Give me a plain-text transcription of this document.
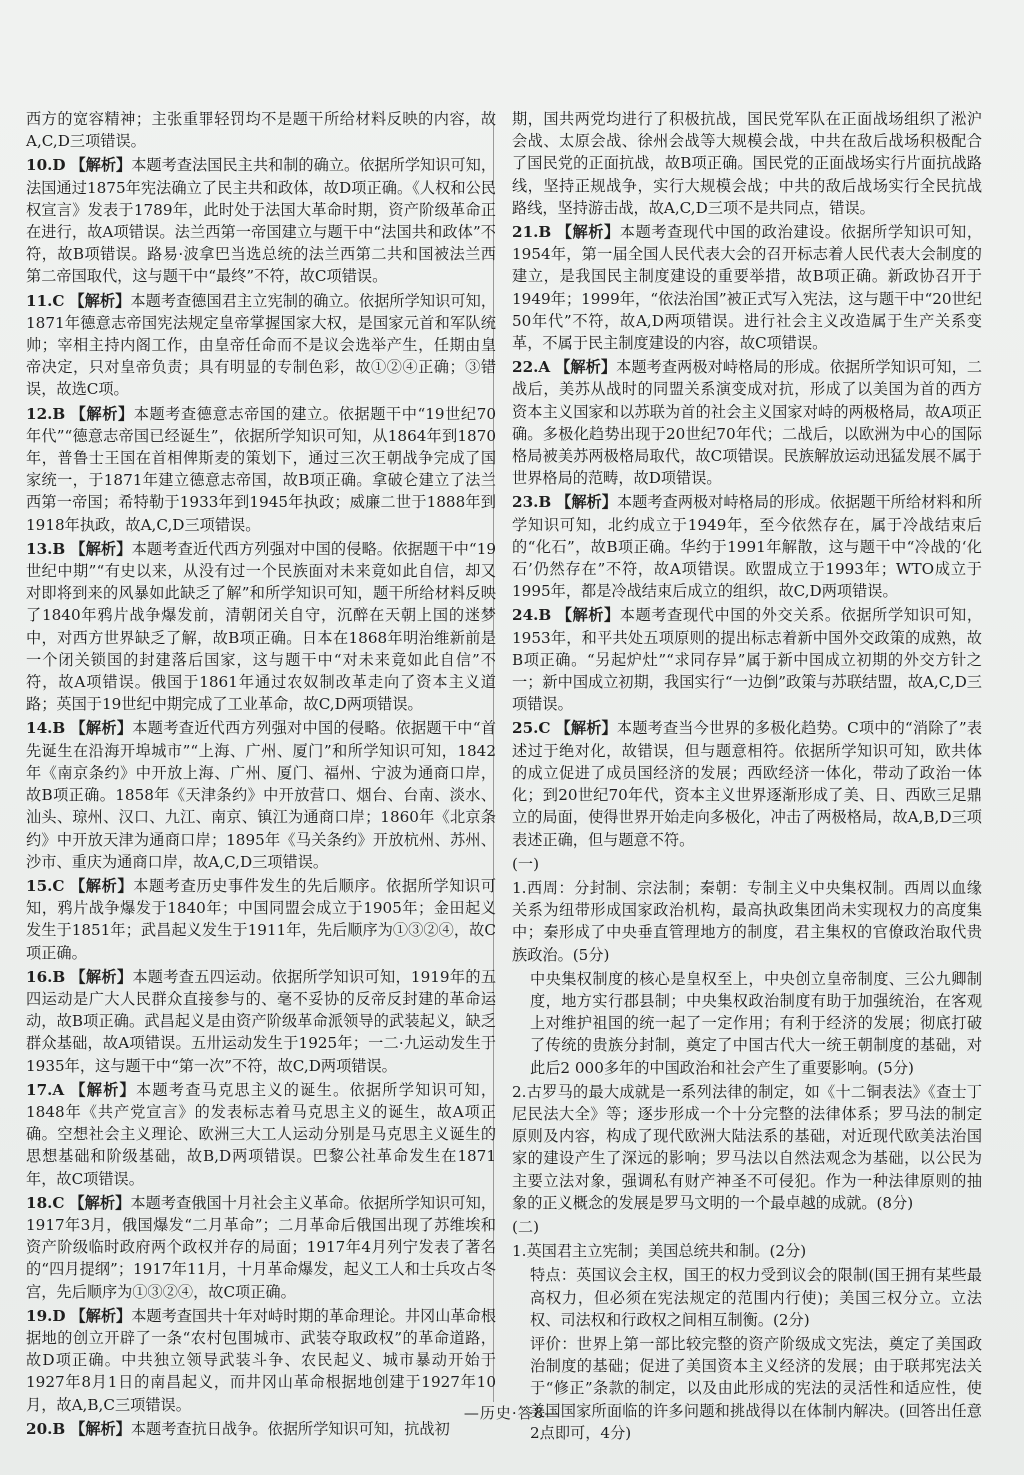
西方的宽容精神；主张重罪轻罚均不是题干所给材料反映的内容，故A,C,D三项错误。
10.D 【解析】本题考查法国民主共和制的确立。依据所学知识可知，法国通过1875年宪法确立了民主共和政体，故D项正确。《人权和公民权宣言》发表于1789年，此时处于法国大革命时期，资产阶级革命正在进行，故A项错误。法兰西第一帝国建立与题干中“法国共和政体”不符，故B项错误。路易·波拿巴当选总统的法兰西第二共和国被法兰西第二帝国取代，这与题干中“最终”不符，故C项错误。
11.C 【解析】本题考查德国君主立宪制的确立。依据所学知识可知，1871年德意志帝国宪法规定皇帝掌握国家大权，是国家元首和军队统帅；宰相主持内阁工作，由皇帝任命而不是议会选举产生，任期由皇帝决定，只对皇帝负责；具有明显的专制色彩，故①②④正确；③错误，故选C项。
12.B 【解析】本题考查德意志帝国的建立。依据题干中“19世纪70年代”“德意志帝国已经诞生”，依据所学知识可知，从1864年到1870年，普鲁士王国在首相俾斯麦的策划下，通过三次王朝战争完成了国家统一，于1871年建立德意志帝国，故B项正确。拿破仑建立了法兰西第一帝国；希特勒于1933年到1945年执政；威廉二世于1888年到1918年执政，故A,C,D三项错误。
13.B 【解析】本题考查近代西方列强对中国的侵略。依据题干中“19世纪中期”“有史以来，从没有过一个民族面对未来竟如此自信，却又对即将到来的风暴如此缺乏了解”和所学知识可知，题干所给材料反映了1840年鸦片战争爆发前，清朝闭关自守，沉醉在天朝上国的迷梦中，对西方世界缺乏了解，故B项正确。日本在1868年明治维新前是一个闭关锁国的封建落后国家，这与题干中“对未来竟如此自信”不符，故A项错误。俄国于1861年通过农奴制改革走向了资本主义道路；英国于19世纪中期完成了工业革命，故C,D两项错误。
14.B 【解析】本题考查近代西方列强对中国的侵略。依据题干中“首先诞生在沿海开埠城市”“上海、广州、厦门”和所学知识可知，1842年《南京条约》中开放上海、广州、厦门、福州、宁波为通商口岸，故B项正确。1858年《天津条约》中开放营口、烟台、台南、淡水、汕头、琼州、汉口、九江、南京、镇江为通商口岸；1860年《北京条约》中开放天津为通商口岸；1895年《马关条约》开放杭州、苏州、沙市、重庆为通商口岸，故A,C,D三项错误。
15.C 【解析】本题考查历史事件发生的先后顺序。依据所学知识可知，鸦片战争爆发于1840年；中国同盟会成立于1905年；金田起义发生于1851年；武昌起义发生于1911年，先后顺序为①③②④，故C项正确。
16.B 【解析】本题考查五四运动。依据所学知识可知，1919年的五四运动是广大人民群众直接参与的、毫不妥协的反帝反封建的革命运动，故B项正确。武昌起义是由资产阶级革命派领导的武装起义，缺乏群众基础，故A项错误。五卅运动发生于1925年；一二·九运动发生于1935年，这与题干中“第一次”不符，故C,D两项错误。
17.A 【解析】本题考查马克思主义的诞生。依据所学知识可知，1848年《共产党宣言》的发表标志着马克思主义的诞生，故A项正确。空想社会主义理论、欧洲三大工人运动分别是马克思主义诞生的思想基础和阶级基础，故B,D两项错误。巴黎公社革命发生在1871年，故C项错误。
18.C 【解析】本题考查俄国十月社会主义革命。依据所学知识可知，1917年3月，俄国爆发“二月革命”；二月革命后俄国出现了苏维埃和资产阶级临时政府两个政权并存的局面；1917年4月列宁发表了著名的“四月提纲”；1917年11月，十月革命爆发，起义工人和士兵攻占冬宫，先后顺序为①③②④，故C项正确。
19.D 【解析】本题考查国共十年对峙时期的革命理论。井冈山革命根据地的创立开辟了一条“农村包围城市、武装夺取政权”的革命道路，故D项正确。中共独立领导武装斗争、农民起义、城市暴动开始于1927年8月1日的南昌起义，而井冈山革命根据地创建于1927年10月，故A,B,C三项错误。
20.B 【解析】本题考查抗日战争。依据所学知识可知，抗战初
期，国共两党均进行了积极抗战，国民党军队在正面战场组织了淞沪会战、太原会战、徐州会战等大规模会战，中共在敌后战场积极配合了国民党的正面抗战，故B项正确。国民党的正面战场实行片面抗战路线，坚持正规战争，实行大规模会战；中共的敌后战场实行全民抗战路线，坚持游击战，故A,C,D三项不是共同点，错误。
21.B 【解析】本题考查现代中国的政治建设。依据所学知识可知，1954年，第一届全国人民代表大会的召开标志着人民代表大会制度的建立，是我国民主制度建设的重要举措，故B项正确。新政协召开于1949年；1999年，“依法治国”被正式写入宪法，这与题干中“20世纪50年代”不符，故A,D两项错误。进行社会主义改造属于生产关系变革，不属于民主制度建设的内容，故C项错误。
22.A 【解析】本题考查两极对峙格局的形成。依据所学知识可知，二战后，美苏从战时的同盟关系演变成对抗，形成了以美国为首的西方资本主义国家和以苏联为首的社会主义国家对峙的两极格局，故A项正确。多极化趋势出现于20世纪70年代；二战后，以欧洲为中心的国际格局被美苏两极格局取代，故C项错误。民族解放运动迅猛发展不属于世界格局的范畴，故D项错误。
23.B 【解析】本题考查两极对峙格局的形成。依据题干所给材料和所学知识可知，北约成立于1949年，至今依然存在，属于冷战结束后的“化石”，故B项正确。华约于1991年解散，这与题干中“冷战的‘化石’仍然存在”不符，故A项错误。欧盟成立于1993年；WTO成立于1995年，都是冷战结束后成立的组织，故C,D两项错误。
24.B 【解析】本题考查现代中国的外交关系。依据所学知识可知，1953年，和平共处五项原则的提出标志着新中国外交政策的成熟，故B项正确。“另起炉灶”“求同存异”属于新中国成立初期的外交方针之一；新中国成立初期，我国实行“一边倒”政策与苏联结盟，故A,C,D三项错误。
25.C 【解析】本题考查当今世界的多极化趋势。C项中的“消除了”表述过于绝对化，故错误，但与题意相符。依据所学知识可知，欧共体的成立促进了成员国经济的发展；西欧经济一体化，带动了政治一体化；到20世纪70年代，资本主义世界逐渐形成了美、日、西欧三足鼎立的局面，使得世界开始走向多极化，冲击了两极格局，故A,B,D三项表述正确，但与题意不符。
(一)
1.西周：分封制、宗法制；秦朝：专制主义中央集权制。西周以血缘关系为纽带形成国家政治机构，最高执政集团尚未实现权力的高度集中；秦形成了中央垂直管理地方的制度，君主集权的官僚政治取代贵族政治。(5分)
中央集权制度的核心是皇权至上，中央创立皇帝制度、三公九卿制度，地方实行郡县制；中央集权政治制度有助于加强统治，在客观上对维护祖国的统一起了一定作用；有利于经济的发展；彻底打破了传统的贵族分封制，奠定了中国古代大一统王朝制度的基础，对此后2 000多年的中国政治和社会产生了重要影响。(5分)
2.古罗马的最大成就是一系列法律的制定，如《十二铜表法》《查士丁尼民法大全》等；逐步形成一个十分完整的法律体系；罗马法的制定原则及内容，构成了现代欧洲大陆法系的基础，对近现代欧美法治国家的建设产生了深远的影响；罗马法以自然法观念为基础，以公民为主要立法对象，强调私有财产神圣不可侵犯。作为一种法律原则的抽象的正义概念的发展是罗马文明的一个最卓越的成就。(8分)
(二)
1.英国君主立宪制；美国总统共和制。(2分)
特点：英国议会主权，国王的权力受到议会的限制(国王拥有某些最高权力，但必须在宪法规定的范围内行使)；美国三权分立。立法权、司法权和行政权之间相互制衡。(2分)
评价：世界上第一部比较完整的资产阶级成文宪法，奠定了美国政治制度的基础；促进了美国资本主义经济的发展；由于联邦宪法关于“修正”条款的制定，以及由此形成的宪法的灵活性和适应性，使美国国家所面临的许多问题和挑战得以在体制内解决。(回答出任意2点即可，4分)
—历史·答8—
